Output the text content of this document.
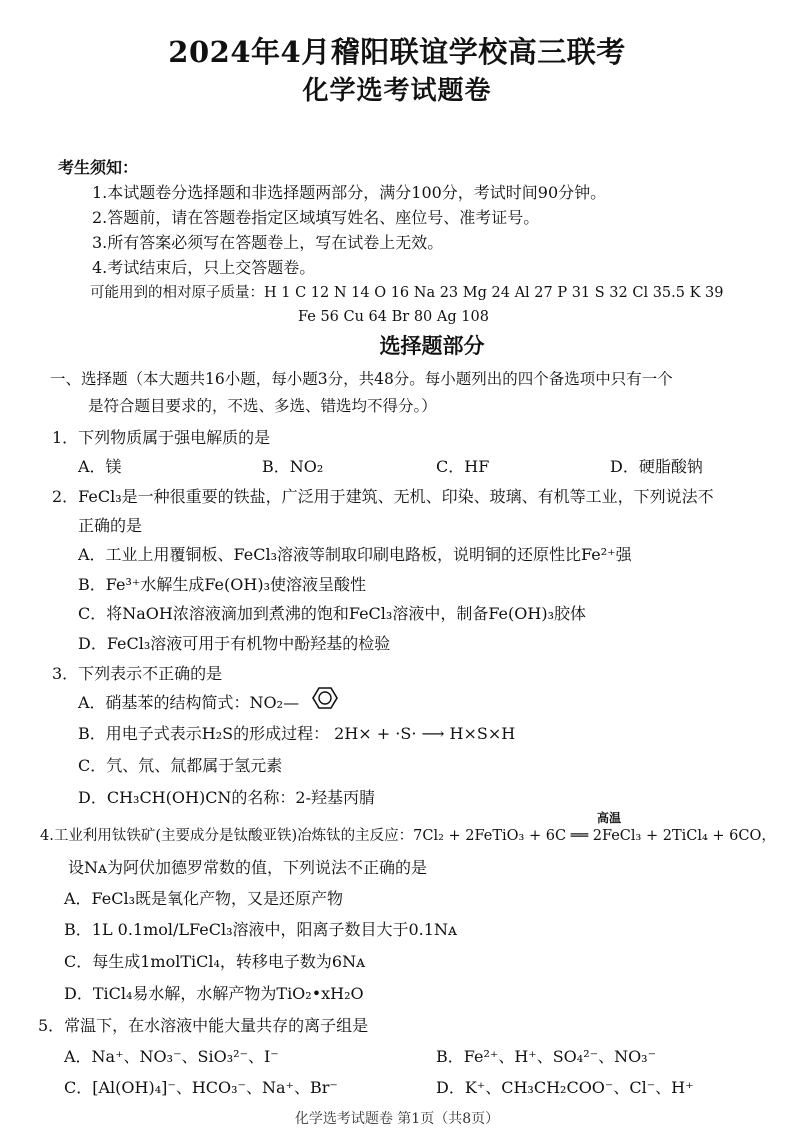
2024年4月稽阳联谊学校高三联考
化学选考试题卷
考生须知：
1.本试题卷分选择题和非选择题两部分，满分100分，考试时间90分钟。
2.答题前，请在答题卷指定区域填写姓名、座位号、准考证号。
3.所有答案必须写在答题卷上，写在试卷上无效。
4.考试结束后，只上交答题卷。
可能用到的相对原子质量：H 1 C 12 N 14 O 16 Na 23 Mg 24 Al 27 P 31 S 32 Cl 35.5 K 39
Fe 56 Cu 64 Br 80 Ag 108
选择题部分
一、选择题（本大题共16小题，每小题3分，共48分。每小题列出的四个备选项中只有一个
是符合题目要求的，不选、多选、错选均不得分。）
1．下列物质属于强电解质的是
A．镁	B．NO₂	C．HF	D．硬脂酸钠
2．FeCl₃是一种很重要的铁盐，广泛用于建筑、无机、印染、玻璃、有机等工业，下列说法不
正确的是
A．工业上用覆铜板、FeCl₃溶液等制取印刷电路板，说明铜的还原性比Fe²⁺强
B．Fe³⁺水解生成Fe(OH)₃使溶液呈酸性
C．将NaOH浓溶液滴加到煮沸的饱和FeCl₃溶液中，制备Fe(OH)₃胶体
D．FeCl₃溶液可用于有机物中酚羟基的检验
3．下列表示不正确的是
A．硝基苯的结构简式：NO₂—
B．用电子式表示H₂S的形成过程： 2H× + ·S· ⟶ H×S×H
C．氕、氘、氚都属于氢元素
D．CH₃CH(OH)CN的名称：2-羟基丙腈
高温
4.工业利用钛铁矿(主要成分是钛酸亚铁)冶炼钛的主反应：7Cl₂ + 2FeTiO₃ + 6C ══ 2FeCl₃ + 2TiCl₄ + 6CO，
设Nᴀ为阿伏加德罗常数的值，下列说法不正确的是
A．FeCl₃既是氧化产物，又是还原产物
B．1L 0.1mol/LFeCl₃溶液中，阳离子数目大于0.1Nᴀ
C．每生成1molTiCl₄，转移电子数为6Nᴀ
D．TiCl₄易水解，水解产物为TiO₂•xH₂O
5．常温下，在水溶液中能大量共存的离子组是
A．Na⁺、NO₃⁻、SiO₃²⁻、I⁻	B．Fe²⁺、H⁺、SO₄²⁻、NO₃⁻
C．[Al(OH)₄]⁻、HCO₃⁻、Na⁺、Br⁻	D．K⁺、CH₃CH₂COO⁻、Cl⁻、H⁺
化学选考试题卷 第1页（共8页）
